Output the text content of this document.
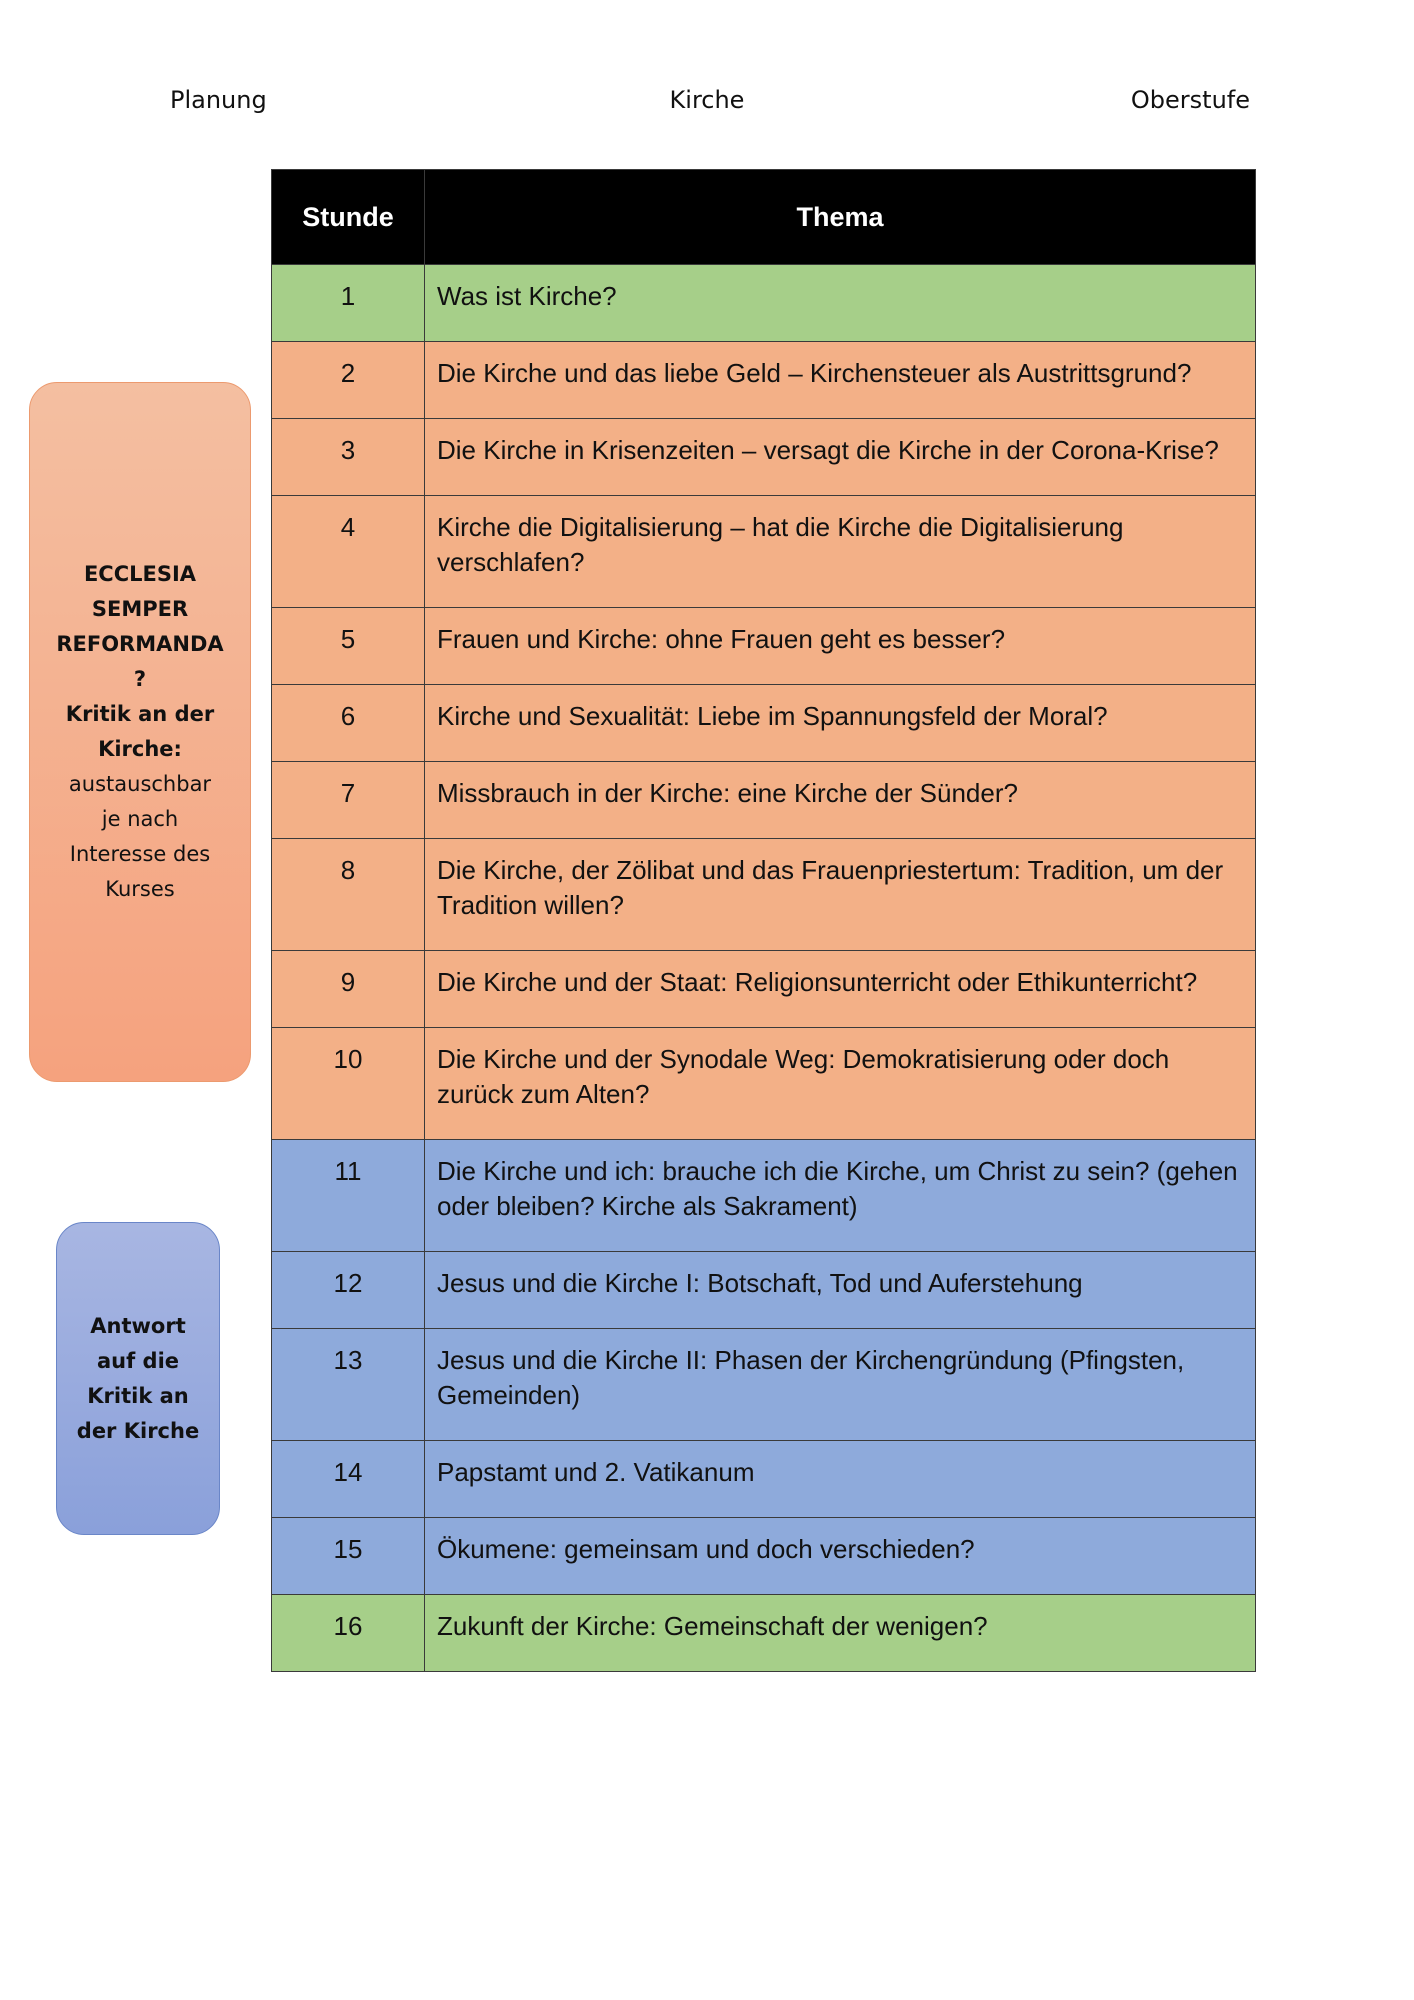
Planung	Kirche	Oberstufe
Stunde	Thema
1	Was ist Kirche?
2	Die Kirche und das liebe Geld – Kirchensteuer als Austrittsgrund?
3	Die Kirche in Krisenzeiten – versagt die Kirche in der Corona-Krise?
4	Kirche die Digitalisierung – hat die Kirche die Digitalisierung verschlafen?
5	Frauen und Kirche: ohne Frauen geht es besser?
6	Kirche und Sexualität: Liebe im Spannungsfeld der Moral?
7	Missbrauch in der Kirche: eine Kirche der Sünder?
8	Die Kirche, der Zölibat und das Frauenpriestertum: Tradition, um der Tradition willen?
9	Die Kirche und der Staat: Religionsunterricht oder Ethikunterricht?
10	Die Kirche und der Synodale Weg: Demokratisierung oder doch zurück zum Alten?
11	Die Kirche und ich: brauche ich die Kirche, um Christ zu sein? (gehen oder bleiben? Kirche als Sakrament)
12	Jesus und die Kirche I: Botschaft, Tod und Auferstehung
13	Jesus und die Kirche II: Phasen der Kirchengründung (Pfingsten, Gemeinden)
14	Papstamt und 2. Vatikanum
15	Ökumene: gemeinsam und doch verschieden?
16	Zukunft der Kirche: Gemeinschaft der wenigen?
ECCLESIA
SEMPER
REFORMANDA
?
Kritik an der
Kirche:
austauschbar
je nach
Interesse des
Kurses
Antwort
auf die
Kritik an
der Kirche
